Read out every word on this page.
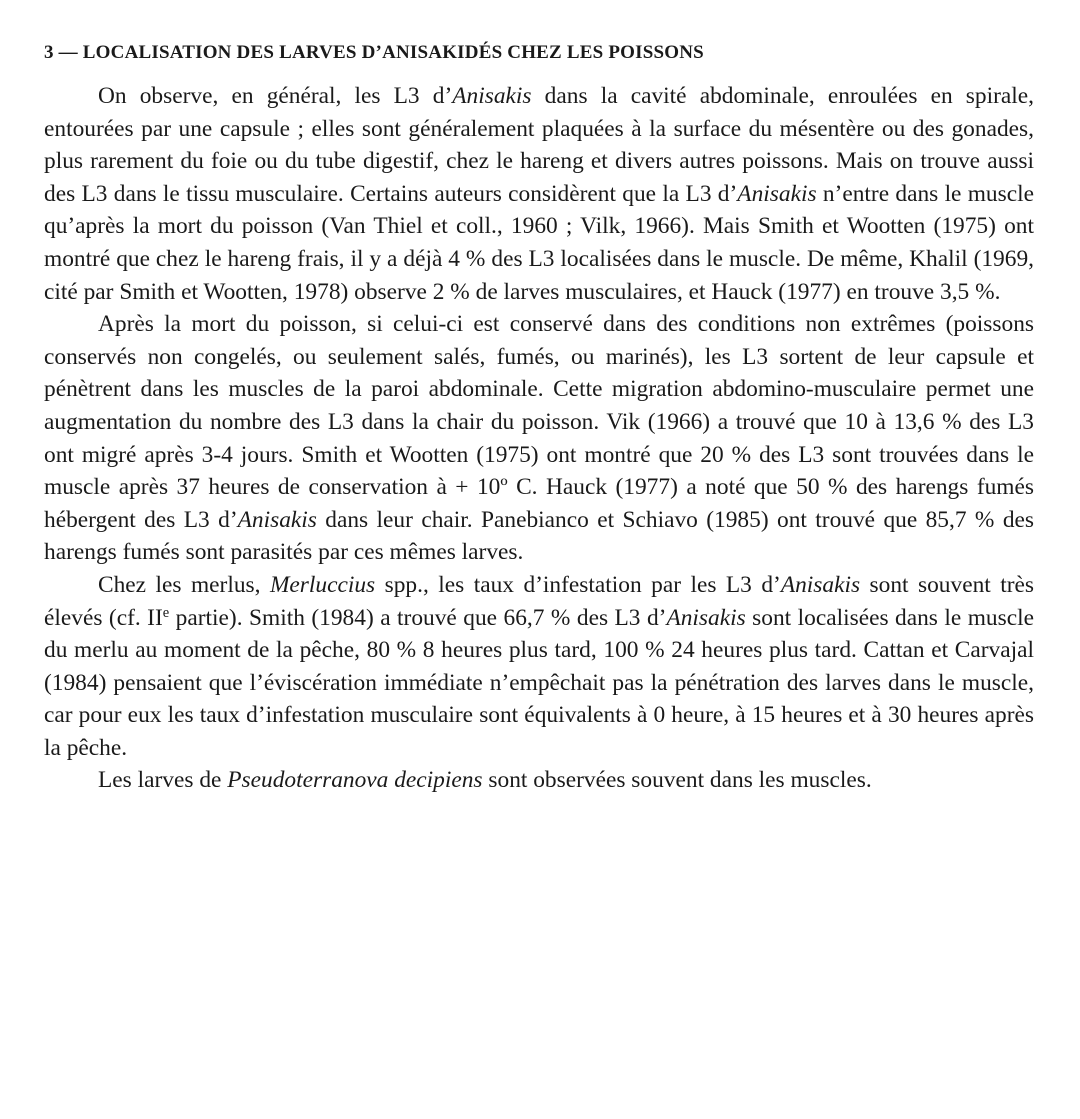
3 — LOCALISATION DES LARVES D’ANISAKIDÉS CHEZ LES POISSONS

On observe, en général, les L3 d’Anisakis dans la cavité abdominale, enroulées en spirale, entourées par une capsule ; elles sont généralement plaquées à la surface du mésentère ou des gonades, plus rarement du foie ou du tube digestif, chez le hareng et divers autres poissons. Mais on trouve aussi des L3 dans le tissu musculaire. Certains auteurs considèrent que la L3 d’Anisakis n’entre dans le muscle qu’après la mort du poisson (Van Thiel et coll., 1960 ; Vilk, 1966). Mais Smith et Wootten (1975) ont montré que chez le hareng frais, il y a déjà 4 % des L3 localisées dans le muscle. De même, Khalil (1969, cité par Smith et Wootten, 1978) observe 2 % de larves musculaires, et Hauck (1977) en trouve 3,5 %.

Après la mort du poisson, si celui-ci est conservé dans des conditions non extrêmes (poissons conservés non congelés, ou seulement salés, fumés, ou marinés), les L3 sortent de leur capsule et pénètrent dans les muscles de la paroi abdominale. Cette migration abdomino-musculaire permet une augmentation du nombre des L3 dans la chair du poisson. Vik (1966) a trouvé que 10 à 13,6 % des L3 ont migré après 3-4 jours. Smith et Wootten (1975) ont montré que 20 % des L3 sont trouvées dans le muscle après 37 heures de conservation à + 10º C. Hauck (1977) a noté que 50 % des harengs fumés hébergent des L3 d’Anisakis dans leur chair. Panebianco et Schiavo (1985) ont trouvé que 85,7 % des harengs fumés sont parasités par ces mêmes larves.

Chez les merlus, Merluccius spp., les taux d’infestation par les L3 d’Anisakis sont souvent très élevés (cf. IIe partie). Smith (1984) a trouvé que 66,7 % des L3 d’Anisakis sont localisées dans le muscle du merlu au moment de la pêche, 80 % 8 heures plus tard, 100 % 24 heures plus tard. Cattan et Carvajal (1984) pensaient que l’éviscération immédiate n’empêchait pas la pénétration des larves dans le muscle, car pour eux les taux d’infestation musculaire sont équivalents à 0 heure, à 15 heures et à 30 heures après la pêche.

Les larves de Pseudoterranova decipiens sont observées souvent dans les muscles.
